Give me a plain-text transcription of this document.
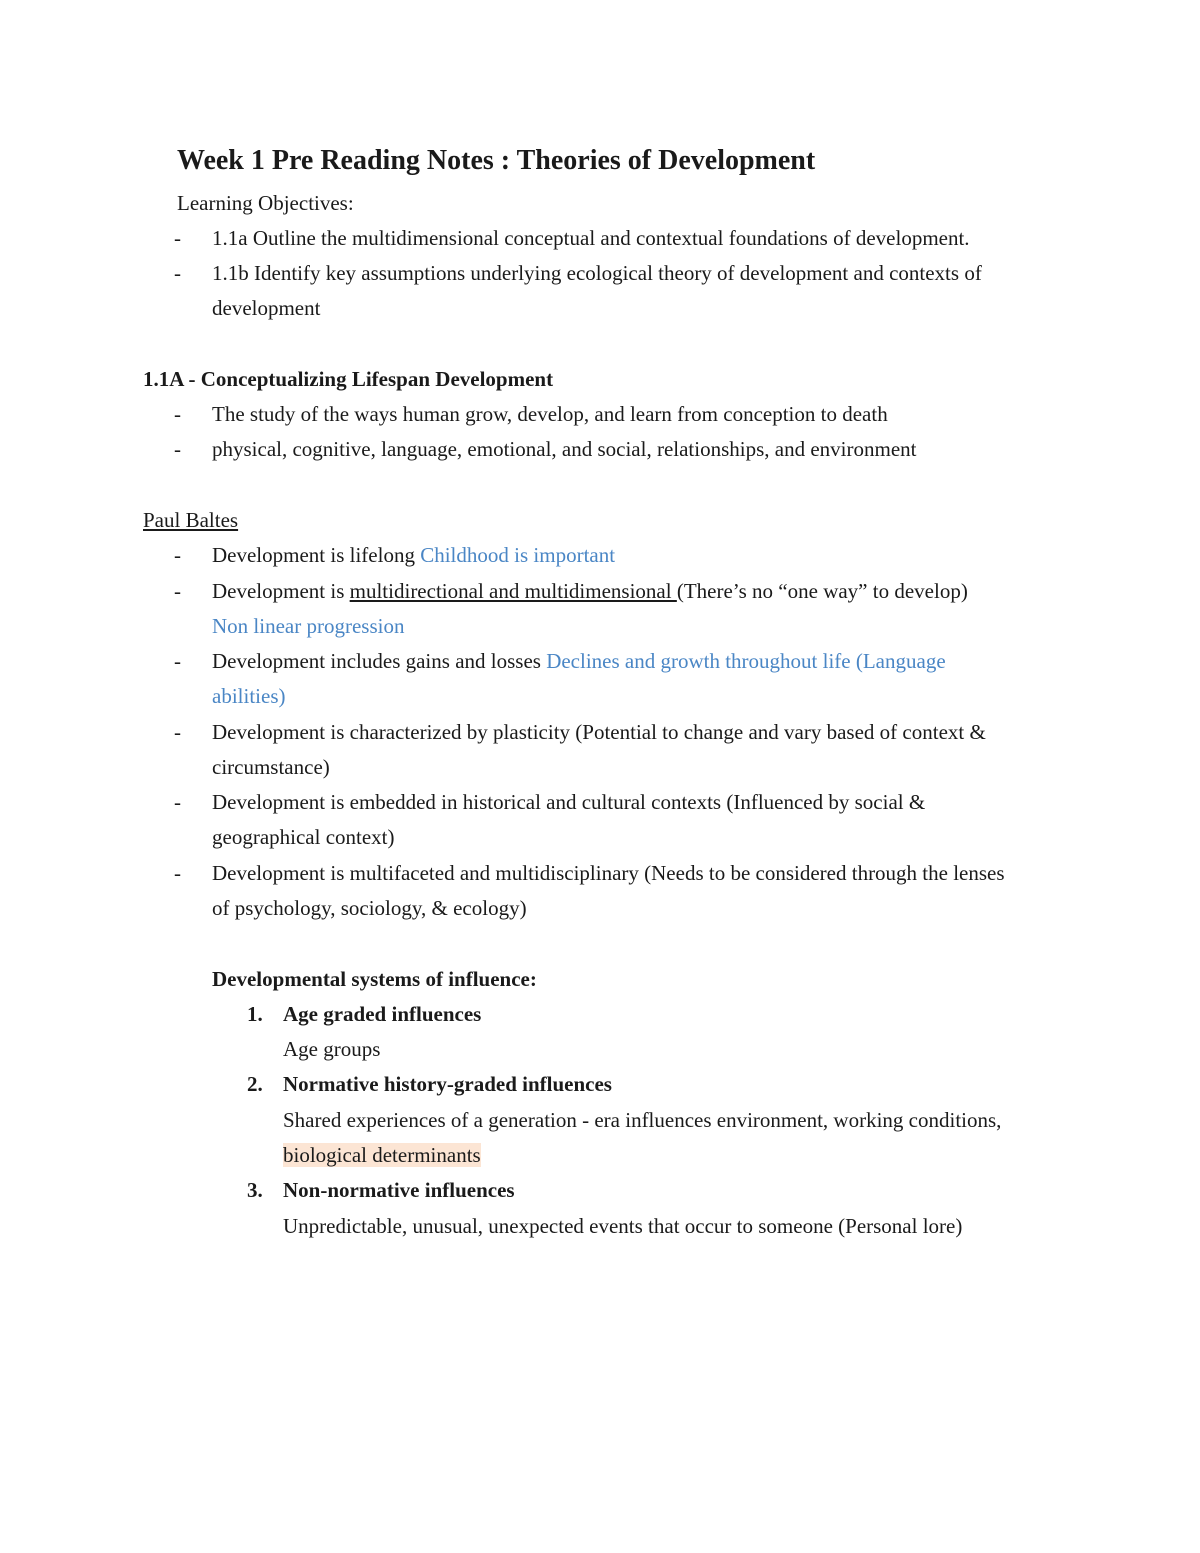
Week 1 Pre Reading Notes : Theories of Development

Learning Objectives:

- 1.1a Outline the multidimensional conceptual and contextual foundations of development.

- 1.1b Identify key assumptions underlying ecological theory of development and contexts of

development

1.1A - Conceptualizing Lifespan Development

- The study of the ways human grow, develop, and learn from conception to death

- physical, cognitive, language, emotional, and social, relationships, and environment

Paul Baltes

- Development is lifelong Childhood is important

- Development is multidirectional and multidimensional (There’s no “one way” to develop)

Non linear progression

- Development includes gains and losses Declines and growth throughout life (Language

abilities)

- Development is characterized by plasticity (Potential to change and vary based of context &

circumstance)

- Development is embedded in historical and cultural contexts (Influenced by social &

geographical context)

- Development is multifaceted and multidisciplinary (Needs to be considered through the lenses

of psychology, sociology, & ecology)

Developmental systems of influence:

1. Age graded influences

Age groups

2. Normative history-graded influences

Shared experiences of a generation - era influences environment, working conditions,

biological determinants

3. Non-normative influences

Unpredictable, unusual, unexpected events that occur to someone (Personal lore)
